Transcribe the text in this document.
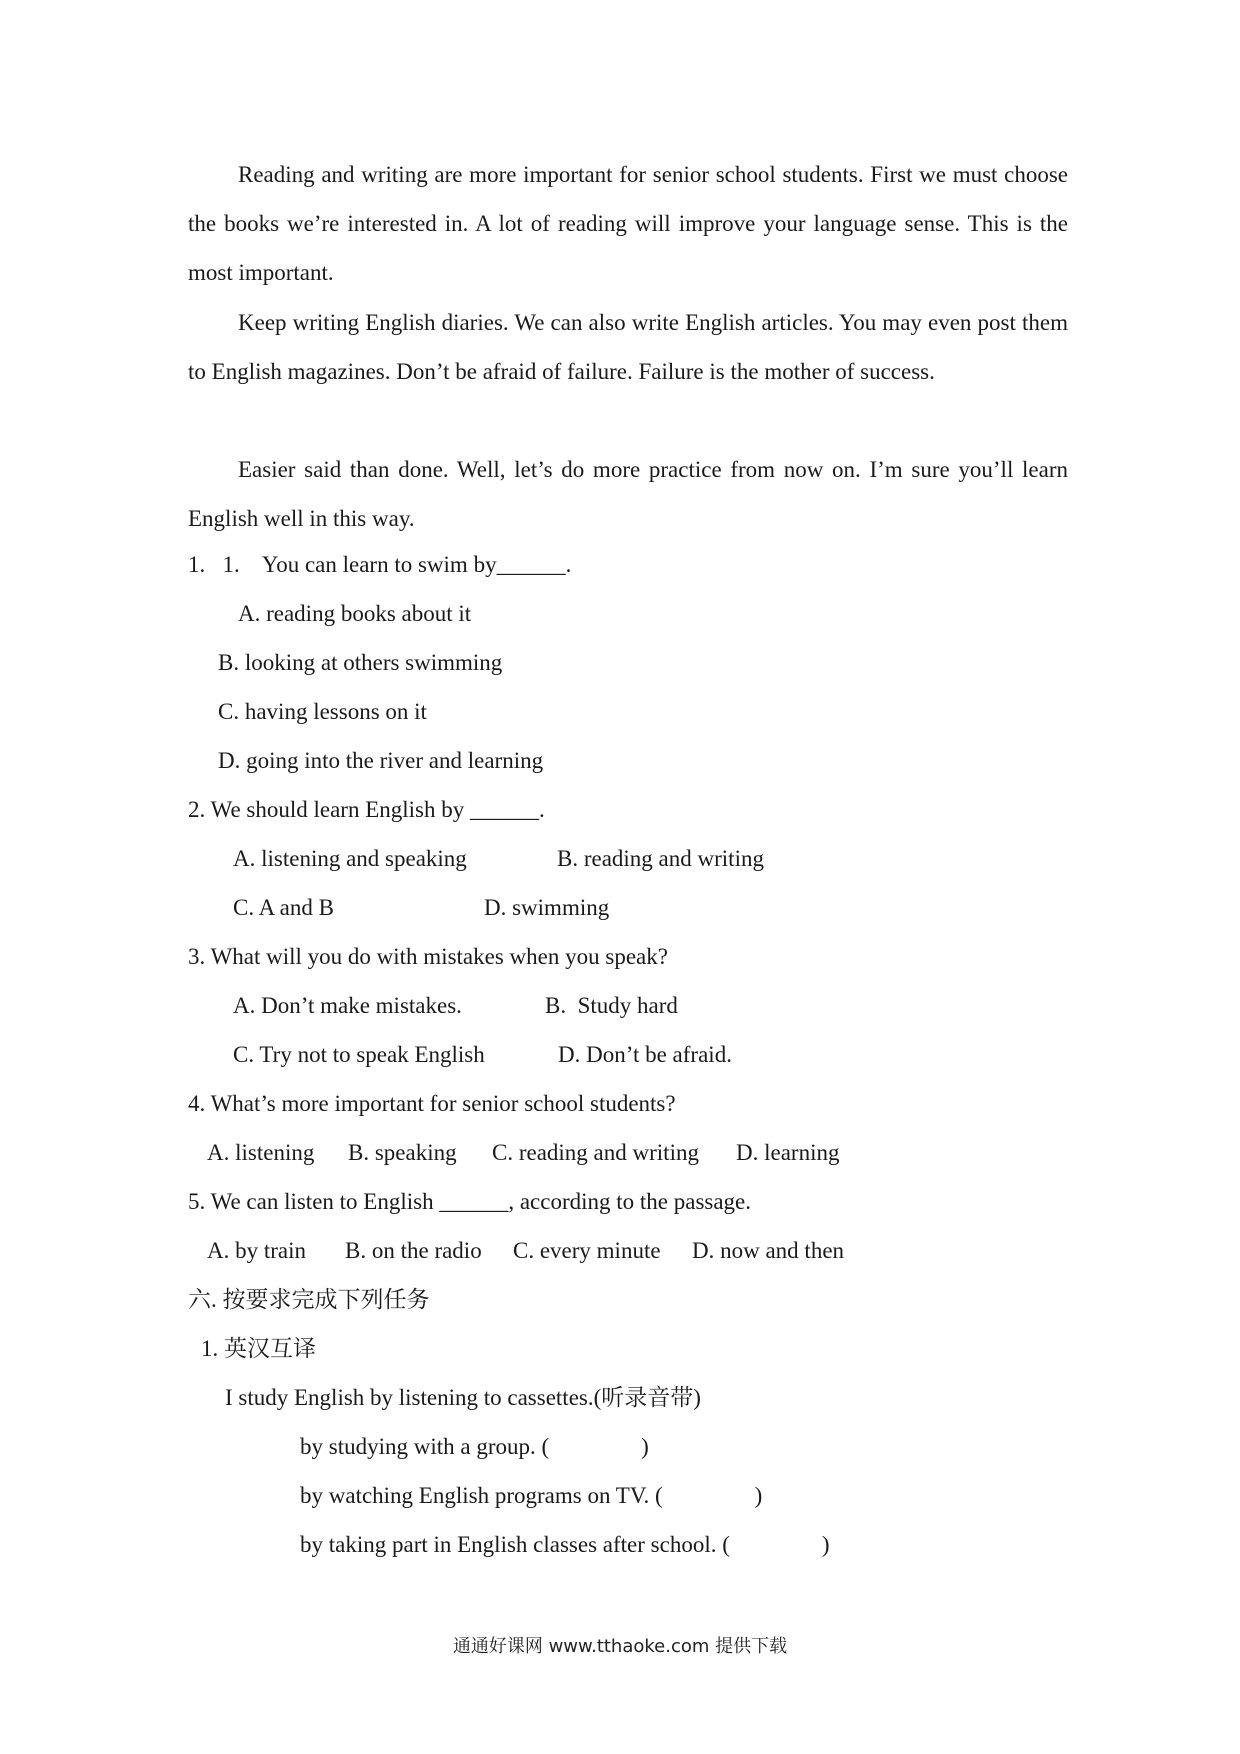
Reading and writing are more important for senior school students. First we must choose the books we’re interested in. A lot of reading will improve your language sense. This is the most important.
Keep writing English diaries. We can also write English articles. You may even post them to English magazines. Don’t be afraid of failure. Failure is the mother of success.
Easier said than done. Well, let’s do more practice from now on. I’m sure you’ll learn English well in this way.
1.   1.    You can learn to swim by______.
A. reading books about it
B. looking at others swimming
C. having lessons on it
D. going into the river and learning
2. We should learn English by ______.
A. listening and speaking	B. reading and writing
C. A and B	D. swimming
3. What will you do with mistakes when you speak?
A. Don’t make mistakes.	B.  Study hard
C. Try not to speak English	D. Don’t be afraid.
4. What’s more important for senior school students?
A. listening B. speaking C. reading and writing D. learning
5. We can listen to English ______, according to the passage.
A. by train B. on the radio C. every minute D. now and then
六. 按要求完成下列任务
1. 英汉互译
I study English by listening to cassettes.(听录音带)
by studying with a group. (                )
by watching English programs on TV. (                )
by taking part in English classes after school. (                )
通通好课网 www.tthaoke.com 提供下载
